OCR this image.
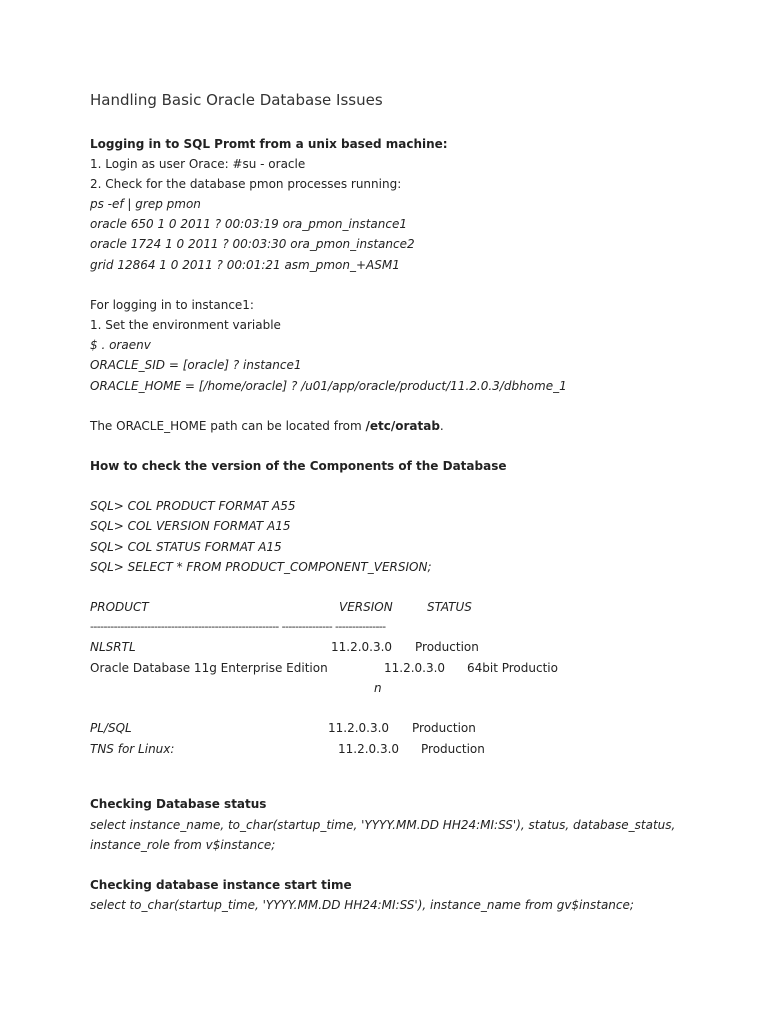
Handling Basic Oracle Database Issues
Logging in to SQL Promt from a unix based machine:
1. Login as user Orace: #su - oracle
2. Check for the database pmon processes running:
ps -ef | grep pmon
oracle 650 1 0 2011 ? 00:03:19 ora_pmon_instance1
oracle 1724 1 0 2011 ? 00:03:30 ora_pmon_instance2
grid 12864 1 0 2011 ? 00:01:21 asm_pmon_+ASM1
For logging in to instance1:
1. Set the environment variable
$ . oraenv
ORACLE_SID = [oracle] ? instance1
ORACLE_HOME = [/home/oracle] ? /u01/app/oracle/product/11.2.0.3/dbhome_1
The ORACLE_HOME path can be located from /etc/oratab.
How to check the version of the Components of the Database
SQL> COL PRODUCT FORMAT A55
SQL> COL VERSION FORMAT A15
SQL> COL STATUS FORMAT A15
SQL> SELECT * FROM PRODUCT_COMPONENT_VERSION;
PRODUCT	VERSION	STATUS
-------------------------------------------------------- --------------- ---------------
NLSRTL	11.2.0.3.0 Production
Oracle Database 11g Enterprise Edition	11.2.0.3.0 64bit Productio
n
PL/SQL	11.2.0.3.0 Production
TNS for Linux:	11.2.0.3.0 Production
Checking Database status
select instance_name, to_char(startup_time, 'YYYY.MM.DD HH24:MI:SS'), status, database_status,
instance_role from v$instance;
Checking database instance start time
select to_char(startup_time, 'YYYY.MM.DD HH24:MI:SS'), instance_name from gv$instance;
